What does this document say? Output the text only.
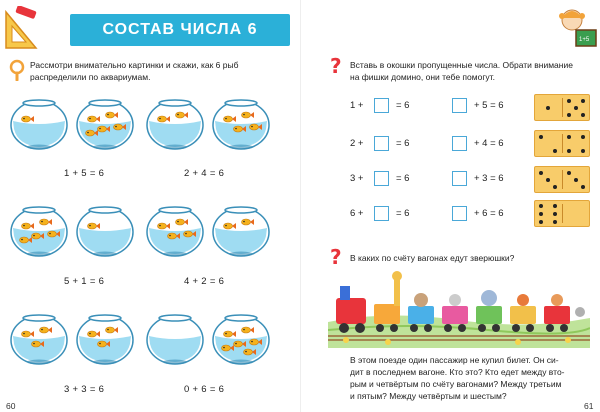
1+5
СОСТАВ ЧИСЛА 6
Рассмотри внимательно картинки и скажи, как 6 рыб
распределили по аквариумам.
1 + 5 = 6	2 + 4 = 6
5 + 1 = 6	4 + 2 = 6
3 + 3 = 6	0 + 6 = 6
60
? Вставь в окошки пропущенные числа. Обрати внимание
на фишки домино, они тебе помогут.
1 +	= 6	+ 5 = 6
2 +	= 6	+ 4 = 6
3 +	= 6	+ 3 = 6
6 +	= 6	+ 6 = 6
? В каких по счёту вагонах едут зверюшки?
В этом поезде один пассажир не купил билет. Он си-
дит в последнем вагоне. Кто это? Кто едет между вто-
рым и четвёртым по счёту вагонами? Между третьим
и пятым? Между четвёртым и шестым?
61
